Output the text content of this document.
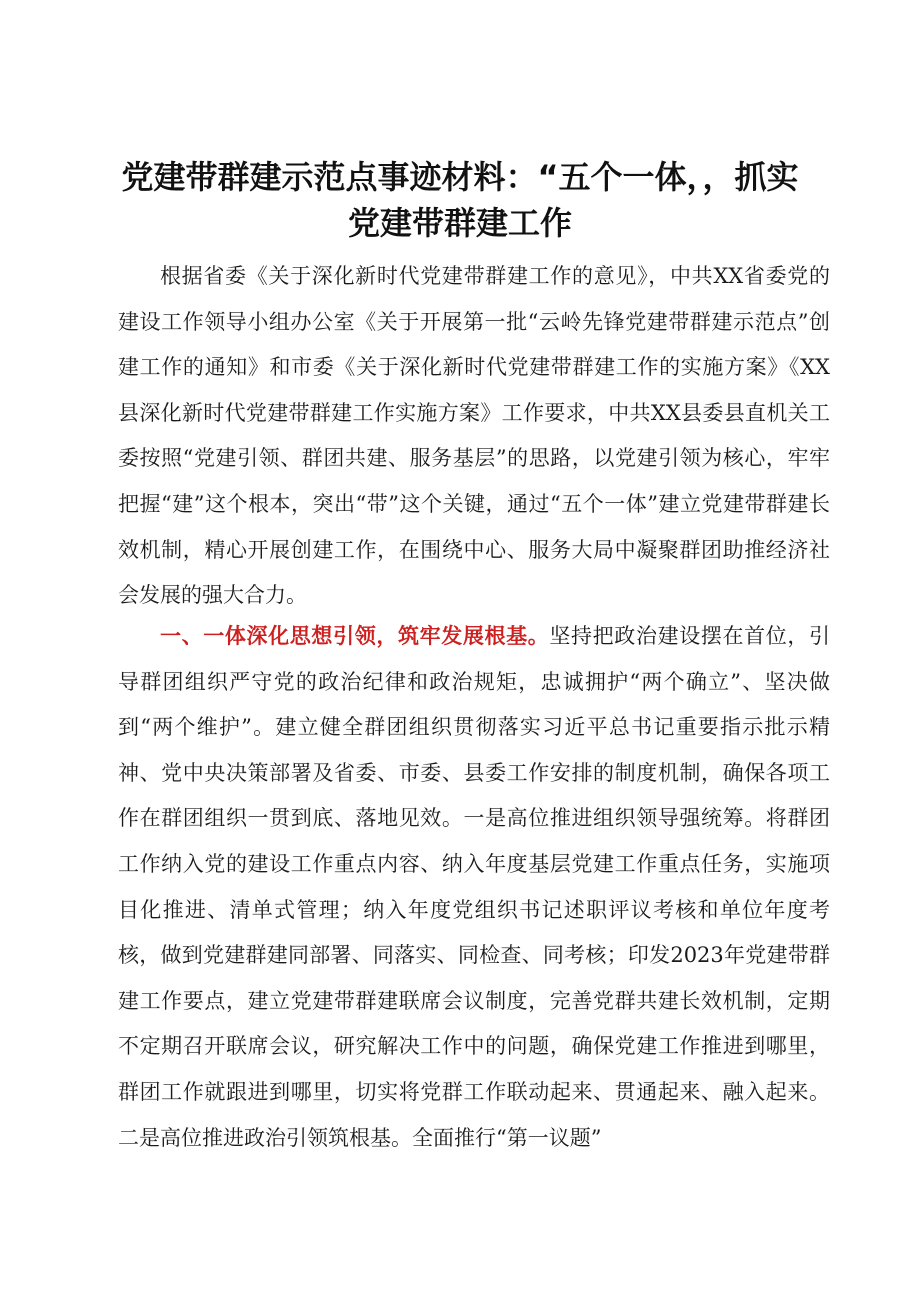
党建带群建示范点事迹材料：“五个一体，，抓实
党建带群建工作

根据省委《关于深化新时代党建带群建工作的意见》，中共XX省委党的建设工作领导小组办公室《关于开展第一批“云岭先锋党建带群建示范点”创建工作的通知》和市委《关于深化新时代党建带群建工作的实施方案》《XX县深化新时代党建带群建工作实施方案》工作要求，中共XX县委县直机关工委按照“党建引领、群团共建、服务基层”的思路，以党建引领为核心，牢牢把握“建”这个根本，突出“带”这个关键，通过“五个一体”建立党建带群建长效机制，精心开展创建工作，在围绕中心、服务大局中凝聚群团助推经济社会发展的强大合力。

一、一体深化思想引领，筑牢发展根基。坚持把政治建设摆在首位，引导群团组织严守党的政治纪律和政治规矩，忠诚拥护“两个确立”、坚决做到“两个维护”。建立健全群团组织贯彻落实习近平总书记重要指示批示精神、党中央决策部署及省委、市委、县委工作安排的制度机制，确保各项工作在群团组织一贯到底、落地见效。一是高位推进组织领导强统筹。将群团工作纳入党的建设工作重点内容、纳入年度基层党建工作重点任务，实施项目化推进、清单式管理；纳入年度党组织书记述职评议考核和单位年度考核，做到党建群建同部署、同落实、同检查、同考核；印发2023年党建带群建工作要点，建立党建带群建联席会议制度，完善党群共建长效机制，定期不定期召开联席会议，研究解决工作中的问题，确保党建工作推进到哪里，群团工作就跟进到哪里，切实将党群工作联动起来、贯通起来、融入起来。二是高位推进政治引领筑根基。全面推行“第一议题”
